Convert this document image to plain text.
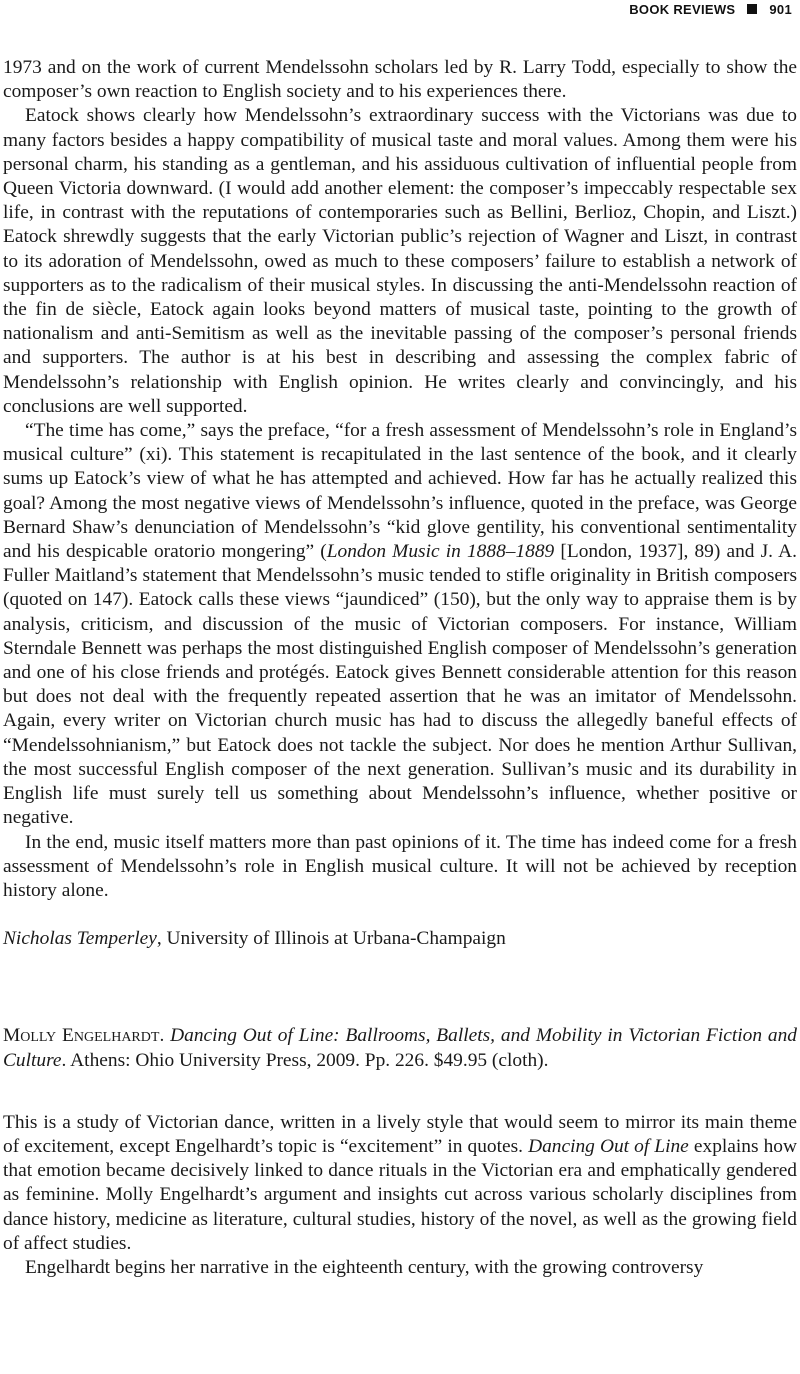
BOOK REVIEWS	901

1973 and on the work of current Mendelssohn scholars led by R. Larry Todd, especially to show the composer’s own reaction to English society and to his experiences there.

Eatock shows clearly how Mendelssohn’s extraordinary success with the Victorians was due to many factors besides a happy compatibility of musical taste and moral values. Among them were his personal charm, his standing as a gentleman, and his assiduous cultivation of influential people from Queen Victoria downward. (I would add another element: the composer’s impeccably respectable sex life, in contrast with the reputations of contemporaries such as Bellini, Berlioz, Chopin, and Liszt.) Eatock shrewdly suggests that the early Victorian public’s rejection of Wagner and Liszt, in contrast to its adoration of Mendelssohn, owed as much to these composers’ failure to establish a network of supporters as to the radicalism of their musical styles. In discussing the anti-Mendelssohn reaction of the fin de siècle, Eatock again looks beyond matters of musical taste, pointing to the growth of nationalism and anti-Semitism as well as the inevitable passing of the composer’s personal friends and supporters. The author is at his best in describing and assessing the complex fabric of Mendelssohn’s relationship with English opinion. He writes clearly and convincingly, and his conclusions are well supported.

“The time has come,” says the preface, “for a fresh assessment of Mendelssohn’s role in England’s musical culture” (xi). This statement is recapitulated in the last sentence of the book, and it clearly sums up Eatock’s view of what he has attempted and achieved. How far has he actually realized this goal? Among the most negative views of Mendelssohn’s influence, quoted in the preface, was George Bernard Shaw’s denunciation of Mendelssohn’s “kid glove gentility, his conventional sentimentality and his despicable oratorio mongering” (London Music in 1888–1889 [London, 1937], 89) and J. A. Fuller Maitland’s statement that Mendelssohn’s music tended to stifle originality in British composers (quoted on 147). Eatock calls these views “jaundiced” (150), but the only way to appraise them is by analysis, criticism, and discussion of the music of Victorian composers. For instance, William Sterndale Bennett was perhaps the most distinguished English composer of Mendelssohn’s generation and one of his close friends and protégés. Eatock gives Bennett considerable attention for this reason but does not deal with the frequently repeated assertion that he was an imitator of Mendelssohn. Again, every writer on Victorian church music has had to discuss the allegedly baneful effects of “Mendelssohnianism,” but Eatock does not tackle the subject. Nor does he mention Arthur Sullivan, the most successful English composer of the next generation. Sullivan’s music and its durability in English life must surely tell us something about Mendelssohn’s influence, whether positive or negative.

In the end, music itself matters more than past opinions of it. The time has indeed come for a fresh assessment of Mendelssohn’s role in English musical culture. It will not be achieved by reception history alone.

Nicholas Temperley, University of Illinois at Urbana-Champaign

Molly Engelhardt. Dancing Out of Line: Ballrooms, Ballets, and Mobility in Victorian Fiction and Culture. Athens: Ohio University Press, 2009. Pp. 226. $49.95 (cloth).

This is a study of Victorian dance, written in a lively style that would seem to mirror its main theme of excitement, except Engelhardt’s topic is “excitement” in quotes. Dancing Out of Line explains how that emotion became decisively linked to dance rituals in the Victorian era and emphatically gendered as feminine. Molly Engelhardt’s argument and insights cut across various scholarly disciplines from dance history, medicine as literature, cultural studies, history of the novel, as well as the growing field of affect studies.

Engelhardt begins her narrative in the eighteenth century, with the growing controversy
